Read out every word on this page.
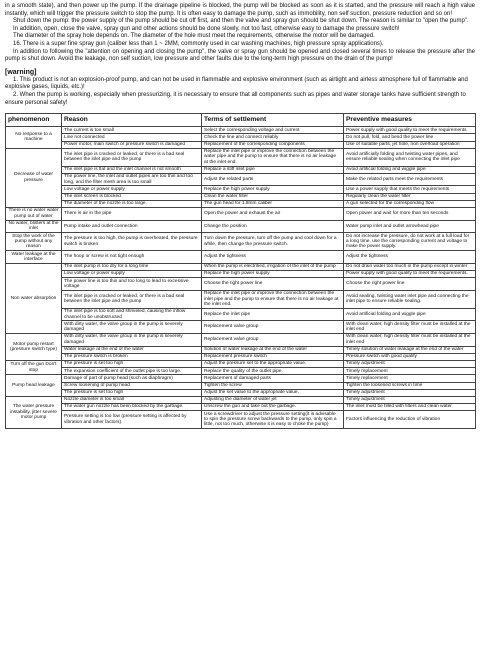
in a smooth state), and then power up the pump. If the drainage pipeline is blocked, the pump will be blocked as soon as it is started, and the pressure will reach a high value instantly, which will trigger the pressure switch to stop the pump. It is often easy to damage the pump, such as immobility, non self suction, pressure reduction and so on!

Shut down the pump: the power supply of the pump should be cut off first, and then the valve and spray gun should be shut down. The reason is similar to "open the pump".

In addition, open, close the valve, spray gun and other actions should be done slowly, not too fast, otherwise easy to damage the pressure switch!

The diameter of the spray hole depends on. The diameter of the hole must meet the requirements, otherwise the motor will be damaged.

16. There is a super fine spray gun (caliber less than 1 ~ 2MM, commonly used in car washing machines, high pressure spray applications).

In addition to following the "attention on opening and closing the pump", the valve or spray gun should be opened and closed several times to release the pressure after the pump is shut down. Avoid the leakage, non self suction, low pressure and other faults due to the long-term high pressure on the drain of the pump!

[warning]

1. This product is not an explosion-proof pump, and can not be used in flammable and explosive environment (such as airtight and airless atmosphere full of flammable and explosive gases, liquids, etc.)!

2. When the pump is working, especially when pressurizing, it is necessary to ensure that all components such as pipes and water storage tanks have sufficient strength to ensure personal safety!

phenomenon	Reason	Terms of settlement	Preventive measures
No response to a machine	The current is too small	Select the corresponding voltage and current	Power supply with good quality to meet the requirements
	Line not connected	Check the line and connect reliably	Do not pull, fold, and bend the power line
	Power motor, main switch or pressure switch is damaged	Replacement of the corresponding components	Use of suitable parts, jet hole, non overload operation
Decrease of water pressure	The inlet pipe is cracked or leaked, or there is a bad seal between the inlet pipe and the pump	Replace the inlet pipe or improve the connection between the water pipe and the pump to ensure that there is no air leakage at the inlet end.	Avoid artificially folding and twisting water pipes, and ensure reliable sealing when connecting the inlet pipe
	The inlet pipe is flat and the inlet channel is not smooth	Replace a stiff inlet pipe	Avoid artificial folding and wiggle pipe
	The power line, the inlet and outlet pipes are too thin and too long, and the filter mesh area is too small	Adjust the related parts	Make the related parts meet the requirements
	Low voltage or power supply	Replace the high power supply	Use a power supply that meets the requirements
	The inlet screen is blocked	Clean the water filter	Regularly clean the water filter
	The diameter of the nozzle is too large.	The gun head for 1.8mm caliber	A gun selected for the corresponding flow
There is no water water pump out of water	There is air in the pipe	Open the power and exhaust the air	Open power and wait for more than ten seconds
No water, blisters at the inlet	Pump intake and outlet connection	Change the position	Water pump inlet and outlet arrowhead pipe
Stop the work of the pump without any reason	The pressure is too high, the pump is overheated, the pressure switch is broken	Turn down the pressure, turn off the pump and cool down for a while, then change the pressure switch.	Do not increase the pressure, do not work at a full load for a long time, use the corresponding current and voltage to make the power supply.
Water leakage at the interface	The hoop or screw is not tight enough	Adjust the tightness	Adjust the tightness
Non water absorption	The inlet pump is too dry for a long time	When the pump is electrified, irrigation of the inlet of the pump	Do not drain water too much in the pump except in winter
	Low voltage or power supply	Replace the high power supply	Power supply with good quality to meet the requirements.
	The power line is too thin and too long to lead to excessive voltage	Choose the right power line	Choose the right power line
	The inlet pipe is cracked or leaked, or there is a bad seal between the inlet pipe and the pump	Replace the inlet pipe or improve the connection between the inlet pipe and the pump to ensure that there is no air leakage at the inlet end.	Avoid sealing, twisting water inlet pipe and connecting the inlet pipe to ensure reliable sealing.
	The inlet pipe is too soft and shriveled, causing the inflow channel to be unobstructed	Replace the inlet pipe	Avoid artificial folding and wiggle pipe
	With dirty water, the valve group in the pump is severely damaged	Replacement valve group	With clean water, high density filter must be installed at the inlet end
Motor pump restart (pressure switch type)	With dirty water, the valve group in the pump is severely damaged	Replacement valve group	With clean water, high density filter must be installed at the inlet end
	Water leakage at the end of the water	Solution of water leakage at the end of the water	Timely solution of water leakage at the end of the water
	The pressure switch is broken	Replacement pressure switch	Pressure switch with good quality
Turn off the gun Don't stop	The pressure is set too high	Adjust the pressure set to the appropriate value.	Timely adjustment
	The expansion coefficient of the outlet pipe is too large.	Replace the quality of the outlet pipe.	Timely replacement
Pump head leakage	Damage of part of pump head (such as diaphragm)	Replacement of damaged parts	Timely replacement
	Screw loosening of pump head	Tighten the screw	Tighten the loosened screws in time
	The pressure is set too high	Adjust the set value to the appropriate value.	Timely adjustment
The water pressure instability, jitter severe motor pump	Nozzle diameter is too small	Adjusting the diameter of water jet	Timely adjustment
	The water gun nozzle has been blocked by the garbage.	Unscrew the gun and take out the garbage.	The inlet must be filled with filters and clean water
	Pressure setting is too low (pressure setting is affected by vibration and other factors).	Use a screwdriver to adjust the pressure setting(it is advisable to spin the pressure screw backwards to the pump, only spin a little, not too much, otherwise it is easy to choke the pump)	Factors influencing the reduction of vibration
